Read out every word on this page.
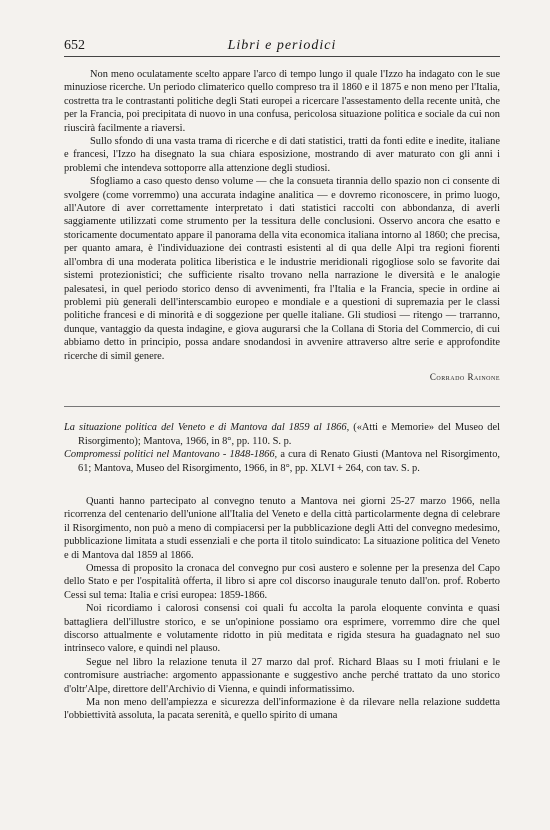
652	Libri e periodici

Non meno oculatamente scelto appare l'arco di tempo lungo il quale l'Izzo ha indagato con le sue minuziose ricerche. Un periodo climaterico quello compreso tra il 1860 e il 1875 e non meno per l'Italia, costretta tra le contrastanti politiche degli Stati europei a ricercare l'assestamento della recente unità, che per la Francia, poi precipitata di nuovo in una confusa, pericolosa situazione politica e sociale da cui non riuscirà facilmente a riaversi.

Sullo sfondo di una vasta trama di ricerche e di dati statistici, tratti da fonti edite e inedite, italiane e francesi, l'Izzo ha disegnato la sua chiara esposizione, mostrando di aver maturato con gli anni i problemi che intendeva sottoporre alla attenzione degli studiosi.

Sfogliamo a caso questo denso volume — che la consueta tirannia dello spazio non ci consente di svolgere (come vorremmo) una accurata indagine analitica — e dovremo riconoscere, in primo luogo, all'Autore di aver correttamente interpretato i dati statistici raccolti con abbondanza, di averli saggiamente utilizzati come strumento per la tessitura delle conclusioni. Osservo ancora che esatto e storicamente documentato appare il panorama della vita economica italiana intorno al 1860; che precisa, per quanto amara, è l'individuazione dei contrasti esistenti al di qua delle Alpi tra regioni fiorenti all'ombra di una moderata politica liberistica e le industrie meridionali rigogliose solo se favorite dai sistemi protezionistici; che sufficiente risalto trovano nella narrazione le diversità e le analogie palesatesi, in quel periodo storico denso di avvenimenti, fra l'Italia e la Francia, specie in ordine ai problemi più generali dell'interscambio europeo e mondiale e a questioni di supremazia per le classi politiche francesi e di minorità e di soggezione per quelle italiane. Gli studiosi — ritengo — trarranno, dunque, vantaggio da questa indagine, e giova augurarsi che la Collana di Storia del Commercio, di cui abbiamo detto in principio, possa andare snodandosi in avvenire attraverso altre serie e approfondite ricerche di simil genere.

Corrado Rainone

La situazione politica del Veneto e di Mantova dal 1859 al 1866, («Atti e Memorie» del Museo del Risorgimento); Mantova, 1966, in 8°, pp. 110. S. p.

Compromessi politici nel Mantovano - 1848-1866, a cura di Renato Giusti (Mantova nel Risorgimento, 61; Mantova, Museo del Risorgimento, 1966, in 8°, pp. XLVI + 264, con tav. S. p.

Quanti hanno partecipato al convegno tenuto a Mantova nei giorni 25-27 marzo 1966, nella ricorrenza del centenario dell'unione all'Italia del Veneto e della città particolarmente degna di celebrare il Risorgimento, non può a meno di compiacersi per la pubblicazione degli Atti del convegno medesimo, pubblicazione limitata a studi essenziali e che porta il titolo suindicato: La situazione politica del Veneto e di Mantova dal 1859 al 1866.

Omessa di proposito la cronaca del convegno pur così austero e solenne per la presenza del Capo dello Stato e per l'ospitalità offerta, il libro si apre col discorso inaugurale tenuto dall'on. prof. Roberto Cessi sul tema: Italia e crisi europea: 1859-1866.

Noi ricordiamo i calorosi consensi coi quali fu accolta la parola eloquente convinta e quasi battagliera dell'illustre storico, e se un'opinione possiamo ora esprimere, vorremmo dire che quel discorso attualmente e volutamente ridotto in più meditata e rigida stesura ha guadagnato nel suo intrinseco valore, e quindi nel plauso.

Segue nel libro la relazione tenuta il 27 marzo dal prof. Richard Blaas su I moti friulani e le contromisure austriache: argomento appassionante e suggestivo anche perché trattato da uno storico d'oltr'Alpe, direttore dell'Archivio di Vienna, e quindi informatissimo.

Ma non meno dell'ampiezza e sicurezza dell'informazione è da rilevare nella relazione suddetta l'obbiettività assoluta, la pacata serenità, e quello spirito di umana
